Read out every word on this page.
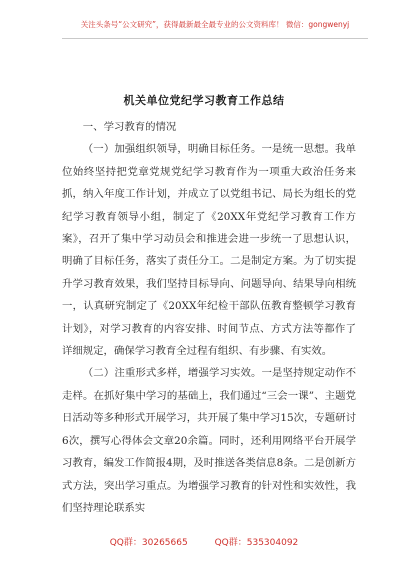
关注头条号“公文研究”，获得最新最全最专业的公文资料库！ 微信：gongwenyj
机关单位党纪学习教育工作总结

一、学习教育的情况

（一）加强组织领导，明确目标任务。一是统一思想。我单位始终坚持把党章党规党纪学习教育作为一项重大政治任务来抓，纳入年度工作计划，并成立了以党组书记、局长为组长的党纪学习教育领导小组，制定了《20XX年党纪学习教育工作方案》，召开了集中学习动员会和推进会进一步统一了思想认识，明确了目标任务，落实了责任分工。二是制定方案。为了切实提升学习教育效果，我们坚持目标导向、问题导向、结果导向相统一，认真研究制定了《20XX年纪检干部队伍教育整顿学习教育计划》，对学习教育的内容安排、时间节点、方式方法等都作了详细规定，确保学习教育全过程有组织、有步骤、有实效。

（二）注重形式多样，增强学习实效。一是坚持规定动作不走样。在抓好集中学习的基础上，我们通过“三会一课”、主题党日活动等多种形式开展学习，共开展了集中学习15次，专题研讨6次，撰写心得体会文章20余篇。同时，还利用网络平台开展学习教育，编发工作简报4期，及时推送各类信息8条。二是创新方式方法，突出学习重点。为增强学习教育的针对性和实效性，我们坚持理论联系实

QQ群：30265665	QQ群：535304092
